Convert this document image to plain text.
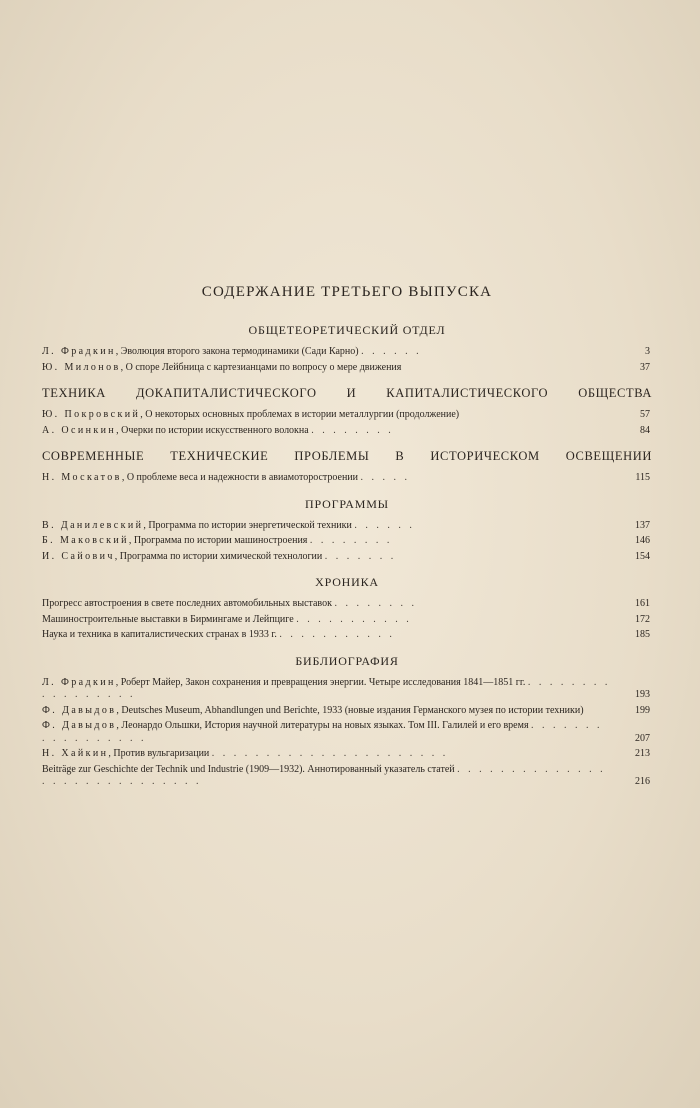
СОДЕРЖАНИЕ ТРЕТЬЕГО ВЫПУСКА
ОБЩЕТЕОРЕТИЧЕСКИЙ ОТДЕЛ
Л. Фрадкин, Эволюция второго закона термодинамики (Сади Карно) . . . . . .	3
Ю. Милонов, О споре Лейбница с картезианцами по вопросу о мере движения	37
ТЕХНИКА ДОКАПИТАЛИСТИЧЕСКОГО И КАПИТАЛИСТИЧЕСКОГО ОБЩЕСТВА
Ю. Покровский, О некоторых основных проблемах в истории металлургии (продолжение)	57
А. Осинкин, Очерки по истории искусственного волокна . . . . . . . .	84
СОВРЕМЕННЫЕ ТЕХНИЧЕСКИЕ ПРОБЛЕМЫ В ИСТОРИЧЕСКОМ ОСВЕЩЕНИИ
Н. Москатов, О проблеме веса и надежности в авиамоторостроении . . . . .	115
ПРОГРАММЫ
В. Данилевский, Программа по истории энергетической техники . . . . . .	137
Б. Маковский, Программа по истории машиностроения . . . . . . . .	146
И. Сайович, Программа по истории химической технологии . . . . . . .	154
ХРОНИКА
Прогресс автостроения в свете последних автомобильных выставок . . . . . . . .	161
Машиностроительные выставки в Бирмингаме и Лейпциге . . . . . . . . . . .	172
Наука и техника в капиталистических странах в 1933 г. . . . . . . . . . . .	185
БИБЛИОГРАФИЯ
Л. Фрадкин, Роберт Майер, Закон сохранения и превращения энергии. Четыре исследования 1841—1851 гг. . . . . . . . . . . . . . . . . .	193
Ф. Давыдов, Deutsches Museum, Abhandlungen und Berichte, 1933 (новые издания Германского музея по истории техники)	199
Ф. Давыдов, Леонардо Ольшки, История научной литературы на новых языках. Том III. Галилей и его время . . . . . . . . . . . . . . . . .	207
Н. Хайкин, Против вульгаризации . . . . . . . . . . . . . . . . . . . . . .	213
Beiträge zur Geschichte der Technik und Industrie (1909—1932). Аннотированный указатель статей . . . . . . . . . . . . . . . . . . . . . . . . . . . . .	216
